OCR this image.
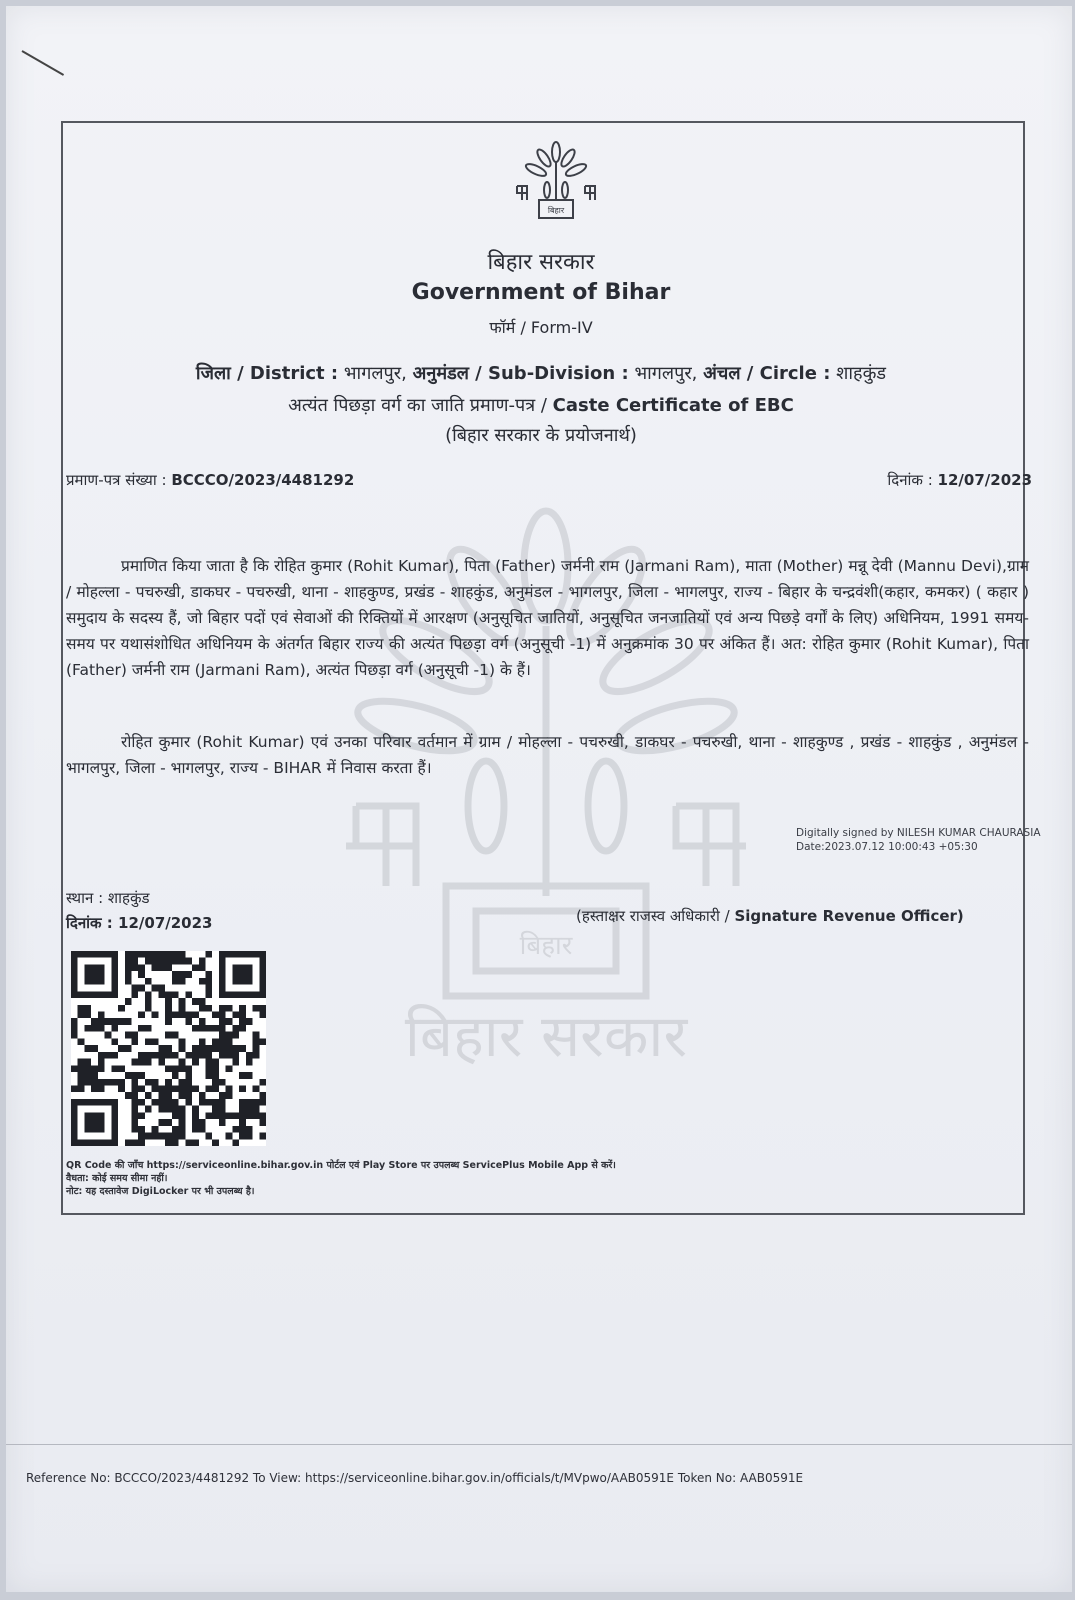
बिहार
बिहार सरकार
बिहार
बिहार सरकार
Government of Bihar
फॉर्म / Form-IV
जिला / District : भागलपुर, अनुमंडल / Sub-Division : भागलपुर, अंचल / Circle : शाहकुंड
अत्यंत पिछड़ा वर्ग का जाति प्रमाण-पत्र / Caste Certificate of EBC
(बिहार सरकार के प्रयोजनार्थ)
प्रमाण-पत्र संख्या : BCCCO/2023/4481292	दिनांक : 12/07/2023
प्रमाणित किया जाता है कि रोहित कुमार (Rohit Kumar), पिता (Father) जर्मनी राम (Jarmani Ram), माता (Mother) मन्नू देवी (Mannu Devi),ग्राम / मोहल्ला - पचरुखी, डाकघर - पचरुखी, थाना - शाहकुण्ड, प्रखंड - शाहकुंड, अनुमंडल - भागलपुर, जिला - भागलपुर, राज्य - बिहार के चन्द्रवंशी(कहार, कमकर) ( कहार ) समुदाय के सदस्य हैं, जो बिहार पदों एवं सेवाओं की रिक्तियों में आरक्षण (अनुसूचित जातियों, अनुसूचित जनजातियों एवं अन्य पिछड़े वर्गों के लिए) अधिनियम, 1991 समय-समय पर यथासंशोधित अधिनियम के अंतर्गत बिहार राज्य की अत्यंत पिछड़ा वर्ग (अनुसूची -1) में अनुक्रमांक 30 पर अंकित हैं। अत: रोहित कुमार (Rohit Kumar), पिता (Father) जर्मनी राम (Jarmani Ram), अत्यंत पिछड़ा वर्ग (अनुसूची -1) के हैं।
रोहित कुमार (Rohit Kumar) एवं उनका परिवार वर्तमान में ग्राम / मोहल्ला - पचरुखी, डाकघर - पचरुखी, थाना - शाहकुण्ड , प्रखंड - शाहकुंड , अनुमंडल - भागलपुर, जिला - भागलपुर, राज्य - BIHAR में निवास करता हैं।
Digitally signed by NILESH KUMAR CHAURASIA
Date:2023.07.12 10:00:43 +05:30
स्थान : शाहकुंड
दिनांक : 12/07/2023	(हस्ताक्षर राजस्व अधिकारी / Signature Revenue Officer)
QR Code की जाँच https://serviceonline.bihar.gov.in पोर्टल एवं Play Store पर उपलब्ध ServicePlus Mobile App से करें।
वैधता: कोई समय सीमा नहीं।
नोट: यह दस्तावेज DigiLocker पर भी उपलब्ध है।
Reference No: BCCCO/2023/4481292 To View: https://serviceonline.bihar.gov.in/officials/t/MVpwo/AAB0591E Token No: AAB0591E
